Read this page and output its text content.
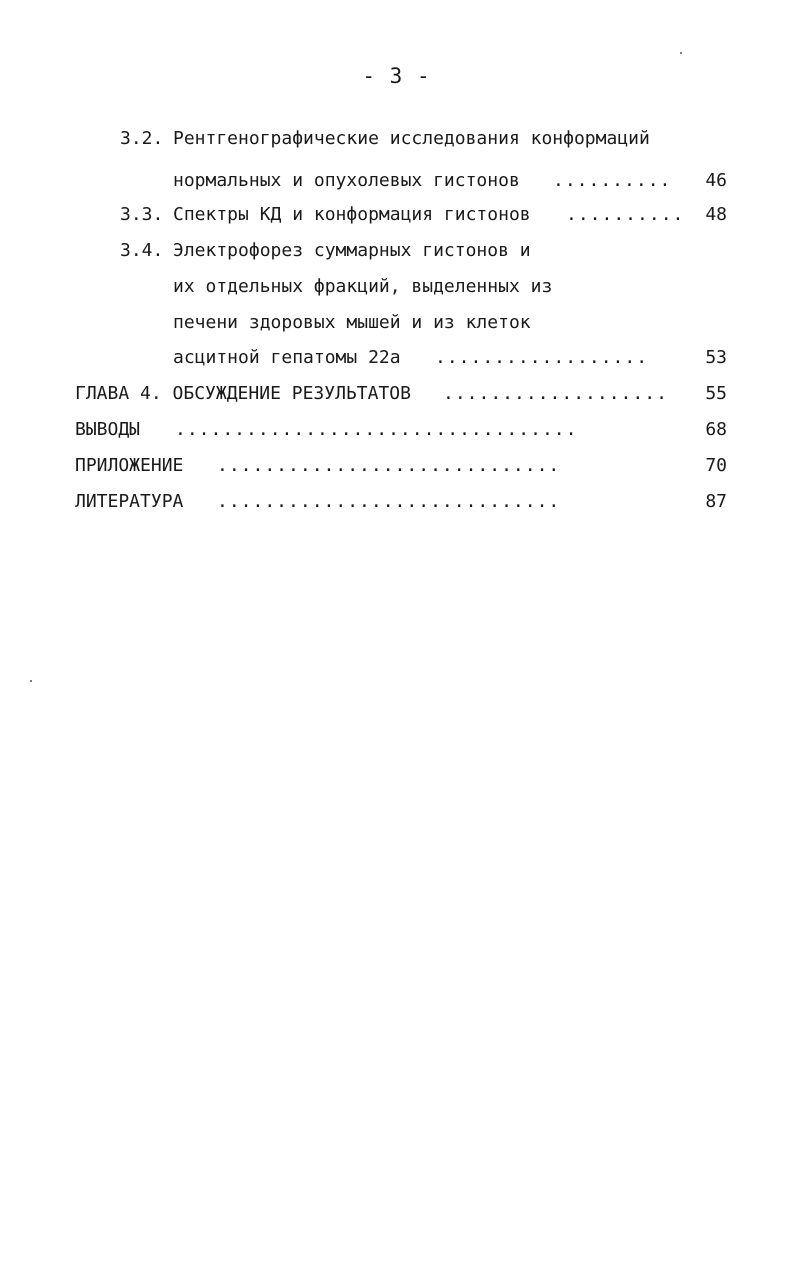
- 3 -
3.2. Рентгенографические исследования конформаций
нормальных и опухолевых гистонов .......... 46
3.3. Спектры КД и конформация гистонов .......... 48
3.4. Электрофорез суммарных гистонов и
их отдельных фракций, выделенных из
печени здоровых мышей и из клеток
асцитной гепатомы 22а ..................	53
ГЛАВА 4. ОБСУЖДЕНИЕ РЕЗУЛЬТАТОВ ................... 55
ВЫВОДЫ ..................................	68
ПРИЛОЖЕНИЕ .............................	70
ЛИТЕРАТУРА .............................	87
